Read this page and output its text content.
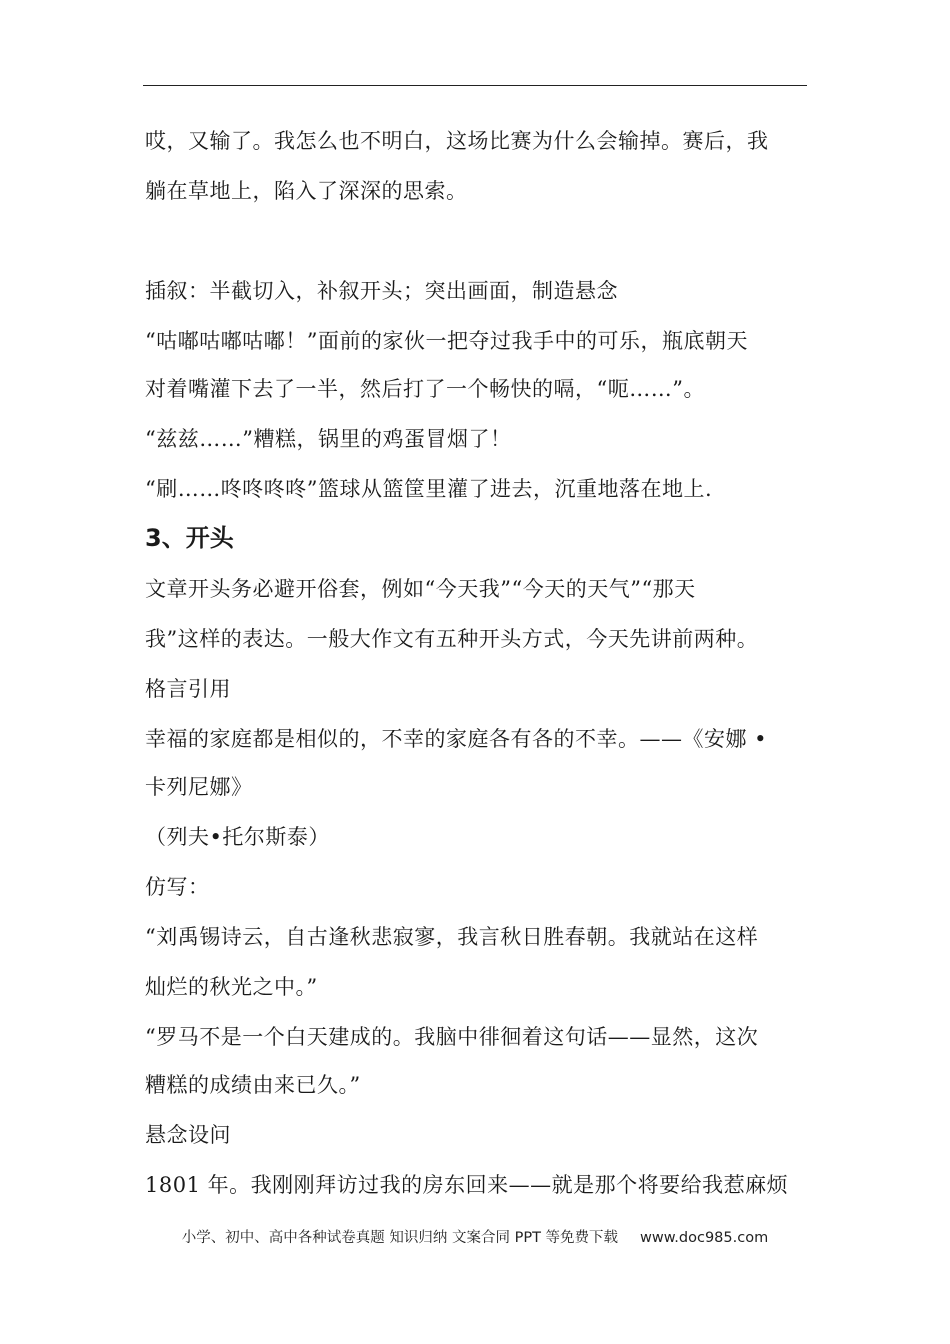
哎，又输了。我怎么也不明白，这场比赛为什么会输掉。赛后，我
躺在草地上，陷入了深深的思索。
插叙：半截切入，补叙开头；突出画面，制造悬念
“咕嘟咕嘟咕嘟！”面前的家伙一把夺过我手中的可乐，瓶底朝天
对着嘴灌下去了一半，然后打了一个畅快的嗝，“呃……”。
“兹兹……”糟糕，锅里的鸡蛋冒烟了！
“刷……咚咚咚咚”篮球从篮筐里灌了进去，沉重地落在地上.
3、开头
文章开头务必避开俗套，例如“今天我”“今天的天气”“那天
我”这样的表达。一般大作文有五种开头方式，今天先讲前两种。
格言引用
幸福的家庭都是相似的，不幸的家庭各有各的不幸。——《安娜 •
卡列尼娜》
（列夫•托尔斯泰）
仿写：
“刘禹锡诗云，自古逢秋悲寂寥，我言秋日胜春朝。我就站在这样
灿烂的秋光之中。”
“罗马不是一个白天建成的。我脑中徘徊着这句话——显然，这次
糟糕的成绩由来已久。”
悬念设问
1801 年。我刚刚拜访过我的房东回来——就是那个将要给我惹麻烦
小学、初中、高中各种试卷真题 知识归纳 文案合同 PPT 等免费下载 www.doc985.com
